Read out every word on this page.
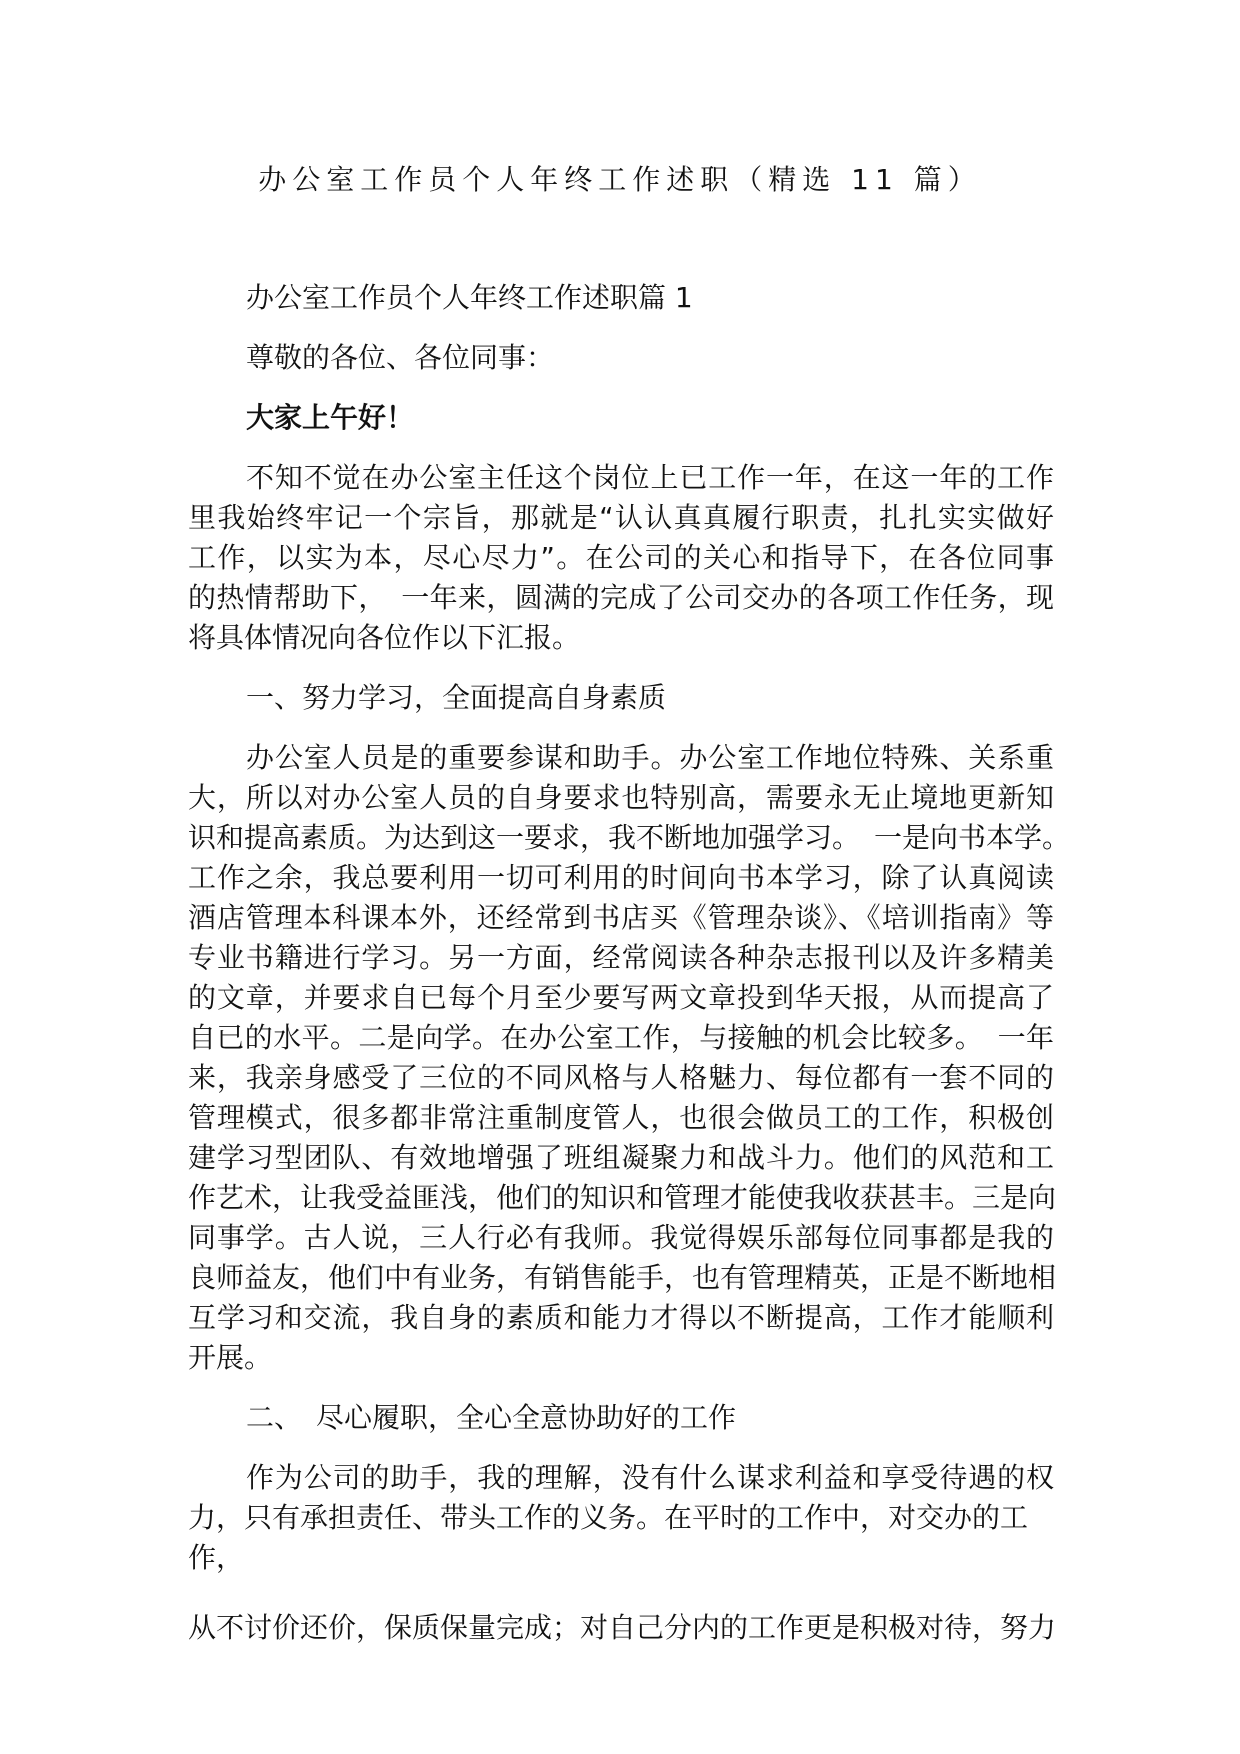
办公室工作员个人年终工作述职（精选 11 篇）
办公室工作员个人年终工作述职篇 1
尊敬的各位、各位同事：
大家上午好！
不知不觉在办公室主任这个岗位上已工作一年，在这一年的工作
里我始终牢记一个宗旨，那就是“认认真真履行职责，扎扎实实做好
工作，以实为本，尽心尽力”。在公司的关心和指导下，在各位同事
的热情帮助下，　一年来，圆满的完成了公司交办的各项工作任务，现
将具体情况向各位作以下汇报。
一、努力学习，全面提高自身素质
办公室人员是的重要参谋和助手。办公室工作地位特殊、关系重
大，所以对办公室人员的自身要求也特别高，需要永无止境地更新知
识和提高素质。为达到这一要求，我不断地加强学习。　一是向书本学。
工作之余，我总要利用一切可利用的时间向书本学习，除了认真阅读
酒店管理本科课本外，还经常到书店买《管理杂谈》、《培训指南》等
专业书籍进行学习。另一方面，经常阅读各种杂志报刊以及许多精美
的文章，并要求自已每个月至少要写两文章投到华天报，从而提高了
自已的水平。二是向学。在办公室工作，与接触的机会比较多。　一年
来，我亲身感受了三位的不同风格与人格魅力、每位都有一套不同的
管理模式，很多都非常注重制度管人，也很会做员工的工作，积极创
建学习型团队、有效地增强了班组凝聚力和战斗力。他们的风范和工
作艺术，让我受益匪浅，他们的知识和管理才能使我收获甚丰。三是向
同事学。古人说，三人行必有我师。我觉得娱乐部每位同事都是我的
良师益友，他们中有业务，有销售能手，也有管理精英，正是不断地相
互学习和交流，我自身的素质和能力才得以不断提高，工作才能顺利
开展。
二、　尽心履职，全心全意协助好的工作
作为公司的助手，我的理解，没有什么谋求利益和享受待遇的权
力，只有承担责任、带头工作的义务。在平时的工作中，对交办的工
作，
从不讨价还价，保质保量完成；对自己分内的工作更是积极对待，努力
